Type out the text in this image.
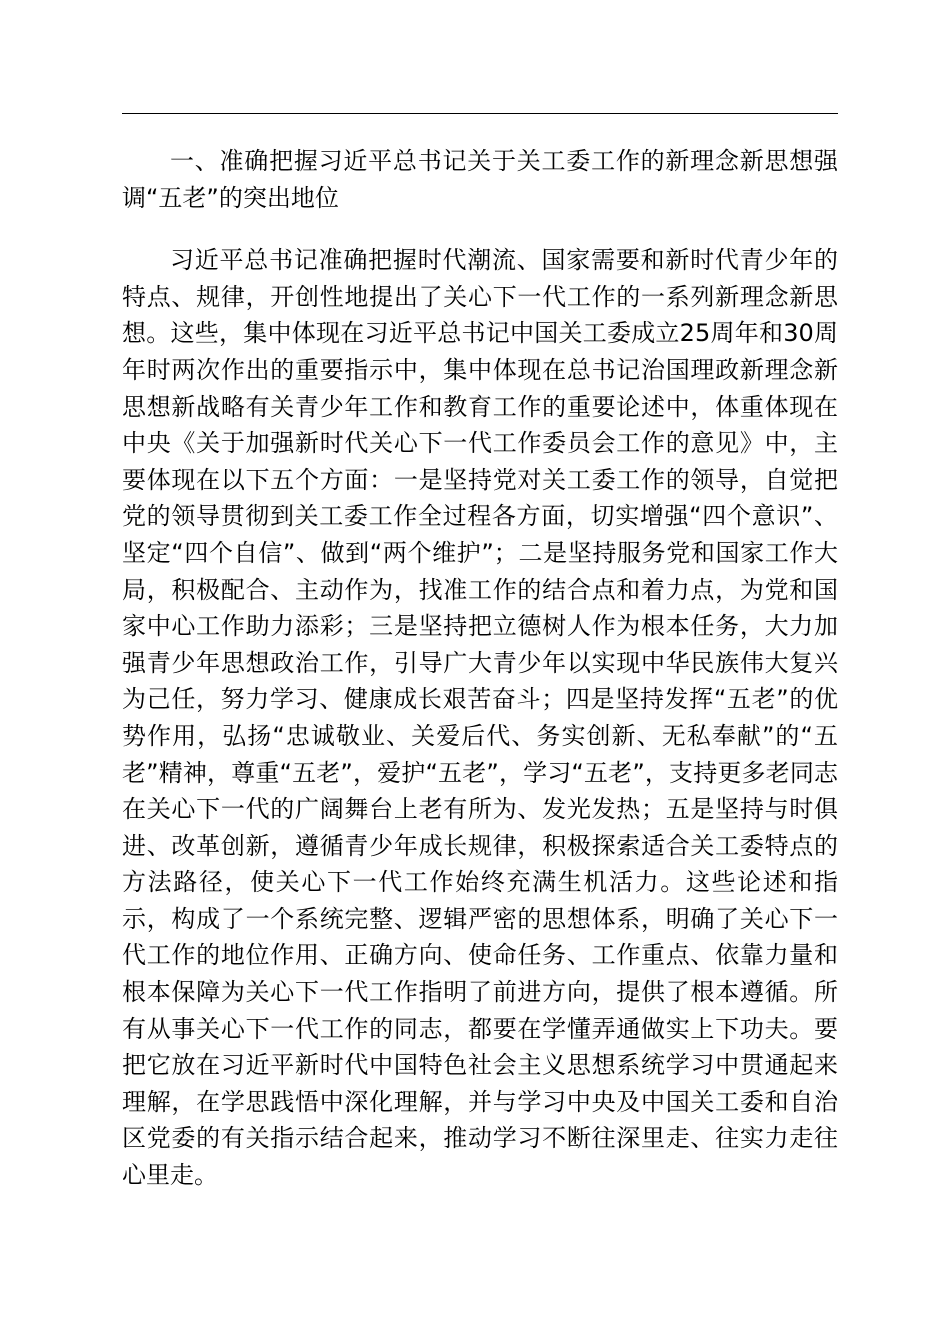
一、准确把握习近平总书记关于关工委工作的新理念新思想强调“五老”的突出地位

习近平总书记准确把握时代潮流、国家需要和新时代青少年的特点、规律，开创性地提出了关心下一代工作的一系列新理念新思想。这些，集中体现在习近平总书记中国关工委成立25周年和30周年时两次作出的重要指示中，集中体现在总书记治国理政新理念新思想新战略有关青少年工作和教育工作的重要论述中，体重体现在中央《关于加强新时代关心下一代工作委员会工作的意见》中，主要体现在以下五个方面：一是坚持党对关工委工作的领导，自觉把党的领导贯彻到关工委工作全过程各方面，切实增强“四个意识”、坚定“四个自信”、做到“两个维护”；二是坚持服务党和国家工作大局，积极配合、主动作为，找准工作的结合点和着力点，为党和国家中心工作助力添彩；三是坚持把立德树人作为根本任务，大力加强青少年思想政治工作，引导广大青少年以实现中华民族伟大复兴为己任，努力学习、健康成长艰苦奋斗；四是坚持发挥“五老”的优势作用，弘扬“忠诚敬业、关爱后代、务实创新、无私奉献”的“五老”精神，尊重“五老”，爱护“五老”，学习“五老”，支持更多老同志在关心下一代的广阔舞台上老有所为、发光发热；五是坚持与时俱进、改革创新，遵循青少年成长规律，积极探索适合关工委特点的方法路径，使关心下一代工作始终充满生机活力。这些论述和指示，构成了一个系统完整、逻辑严密的思想体系，明确了关心下一代工作的地位作用、正确方向、使命任务、工作重点、依靠力量和根本保障为关心下一代工作指明了前进方向，提供了根本遵循。所有从事关心下一代工作的同志，都要在学懂弄通做实上下功夫。要把它放在习近平新时代中国特色社会主义思想系统学习中贯通起来理解，在学思践悟中深化理解，并与学习中央及中国关工委和自治区党委的有关指示结合起来，推动学习不断往深里走、往实力走往心里走。
